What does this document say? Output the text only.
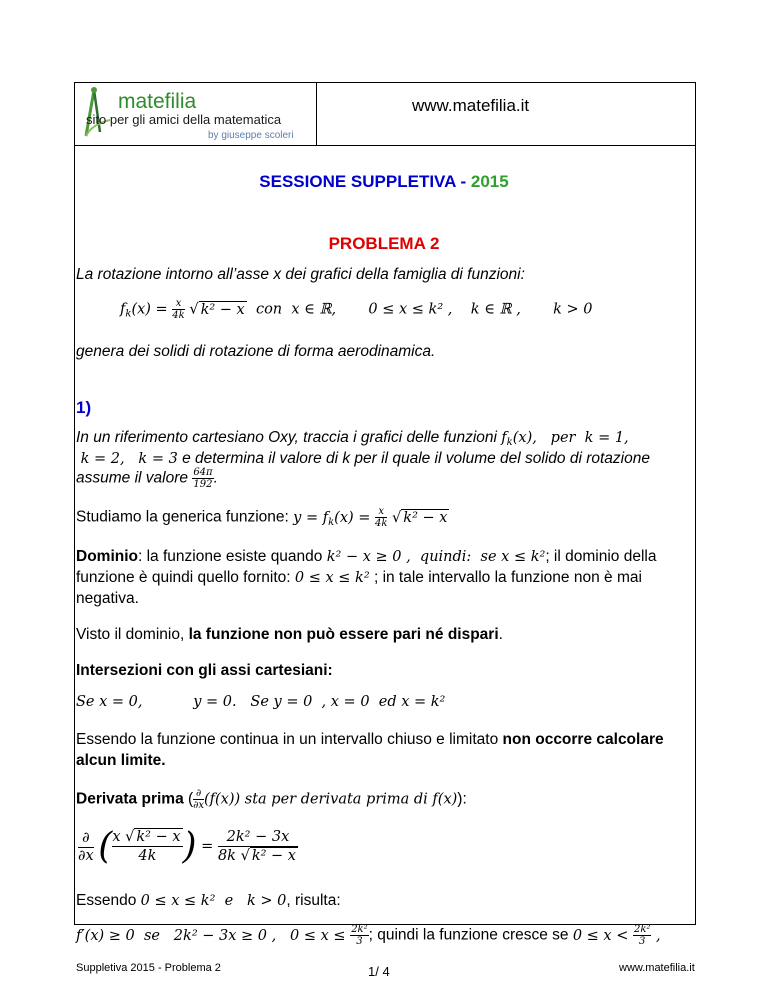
matefilia
sito per gli amici della matematica
by giuseppe scoleri
www.matefilia.it
SESSIONE SUPPLETIVA - 2015
PROBLEMA 2
La rotazione intorno all’asse x dei grafici della famiglia di funzioni:
$f_k(x) = \frac{x}{4k}$ √ k² − x  con  x ∈ ℝ,       0 ≤ x ≤ k² ,    k ∈ ℝ ,       k > 0
genera dei solidi di rotazione di forma aerodinamica.
1)
In un riferimento cartesiano Oxy, traccia i grafici delle funzioni $f_k(x)$,   per  k = 1,
k = 2,   k = 3 e determina il valore di k per il quale il volume del solido di rotazione
assume il valore $\frac{64\pi}{192}$ .
Studiamo la generica funzione: $y = f_k(x) = \frac{x}{4k}$ √ k² − x
Dominio: la funzione esiste quando k² − x ≥ 0 ,  quindi:  se x ≤ k²; il dominio della
funzione è quindi quello fornito: 0 ≤ x ≤ k² ; in tale intervallo la funzione non è mai
negativa.
Visto il dominio, la funzione non può essere pari né dispari.
Intersezioni con gli assi cartesiani:
Se x = 0,           y = 0.   Se y = 0  , x = 0  ed x = k²
Essendo la funzione continua in un intervallo chiuso e limitato non occorre calcolare
alcun limite.
Derivata prima ( $\frac{\partial}{\partial x} (f(x))$ sta per derivata prima di f(x)):
∂
∂x (x √ k² − x
4k ) = 2k² − 3x
8k √ k² − x
Essendo 0 ≤ x ≤ k²  e   k > 0, risulta:
f′(x) ≥ 0  se   2k² − 3x ≥ 0 ,   $0 \le x \le \frac{\text{2k²}}{3}$ ; quindi la funzione cresce se $0 \le x < \frac{\text{2k²}}{3}$ ,
Suppletiva 2015 - Problema 2	1/ 4	www.matefilia.it
